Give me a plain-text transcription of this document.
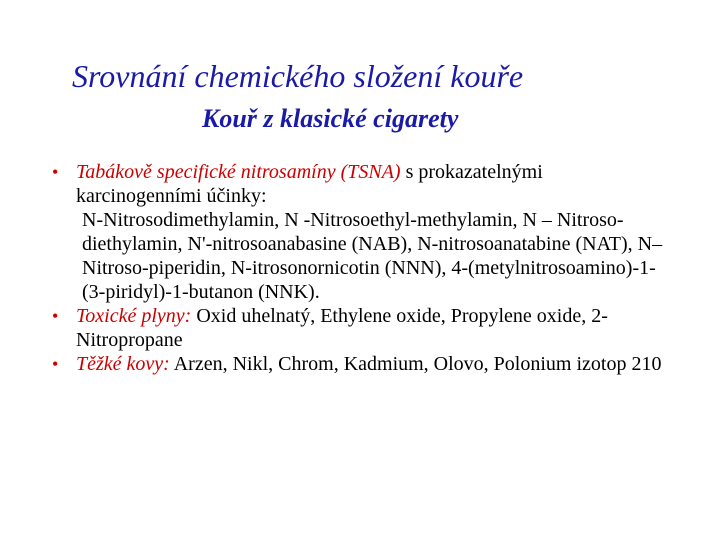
Srovnání chemického složení kouře
Kouř z klasické cigarety
• Tabákově specifické nitrosamíny (TSNA) s prokazatelnými karcinogenními účinky:
N-Nitrosodimethylamin, N -Nitrosoethyl-methylamin, N – Nitroso-diethylamin, N'-nitrosoanabasine (NAB), N-nitrosoanatabine (NAT), N–Nitroso-piperidin, N-itrosonornicotin (NNN), 4-(metylnitrosoamino)-1-(3-piridyl)-1-butanon (NNK).
• Toxické plyny: Oxid uhelnatý, Ethylene oxide, Propylene oxide, 2-Nitropropane
• Těžké kovy: Arzen, Nikl, Chrom, Kadmium, Olovo, Polonium izotop 210
